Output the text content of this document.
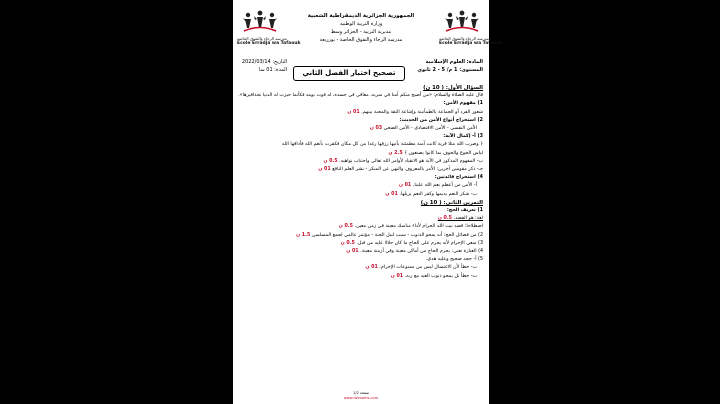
مدرسة الرجاء والتفوق الخاصة
Ecole Erradja wa Tafaouk
مدرسة الرجاء والتفوق الخاصة
Ecole Erradja wa Tafaouk
الجمهورية الجزائرية الديمقراطية الشعبية
وزارة التربية الوطنية
مديرية التربية - الجزائر وسط
مدرسة الرجاء والتفوق الخاصة - بوزريعة
المادة: العلوم الإسلامية
المستوى: 1 م/ 5 - 2 ثانوي
التاريخ: 2022/03/14
المدة: 01 سا	تصحيح اختبار الفصل الثاني

السؤال الأول: ( 10 ن)

قال عليه الصلاة والسلام: «من أصبح منكم آمنا في سربه، معافى في جسده، له قوت يومه فكأنما حيزت له الدنيا بحذافيرها».

1) مفهوم الأمن:

شعور الفرد أو الجماعة بالطمأنينة وإشاعة الثقة والمحبة بينهم. 01 ن

2) استخراج أنواع الأمن من الحديث:

الأمن النفسي - الأمن الاقتصادي - الأمن الصحي 03 ن

3) أ- إكمال الآية:

﴿ وضرب الله مثلا قرية كانت آمنة مطمئنة يأتيها رزقها رغدا من كل مكان فكفرت بأنعم الله فأذاقها الله

لباس الجوع والخوف بما كانوا يصنعون ﴾ 2.5 ن

ب- المفهوم المذكور في الآية هو الانقياد لأوامر الله تعالى واجتناب نواهيه. 0.5 ن

جـ- ذكر مقومين آخرين: الأمر بالمعروف والنهي عن المنكر - نشر العلم النافع 01 ن

4) استخراج فائدتين:

أ- الأمن من أعظم نعم الله علينا. 01 ن

ب- شكر النعم يديمها وكفر النعم يزيلها. 01 ن

التمرين الثاني: ( 10 ن)

1) تعريف الحج:

لغة: هو القصد. 0.5 ن

اصطلاحا: قصد بيت الله الحرام لأداء مناسك معينة في زمن معين. 0.5 ن

2) من فضائل الحج: أنه يمحو الذنوب - سبب لنيل الجنة - مؤتمر عالمي لجمع المسلمين 1.5 ن

3) سعي الإحرام لأنه يحرم على الحاج ما كان حلالا عليه من قبل. 0.5 ن

4) العبارة تعني: يحرم الحاج من أماكن معينة وفي أزمنة معينة. 01 ن

5) أ- حجه صحيح وعليه هدي.

ب- خطأ لأن الاغتسال ليس من ممنوعات الإحرام. 01 ن

ت- خطأ بل يمحو ذنوب العبد مع ربه. 01 ن

صفحة 1/2
www.dzexams.com
